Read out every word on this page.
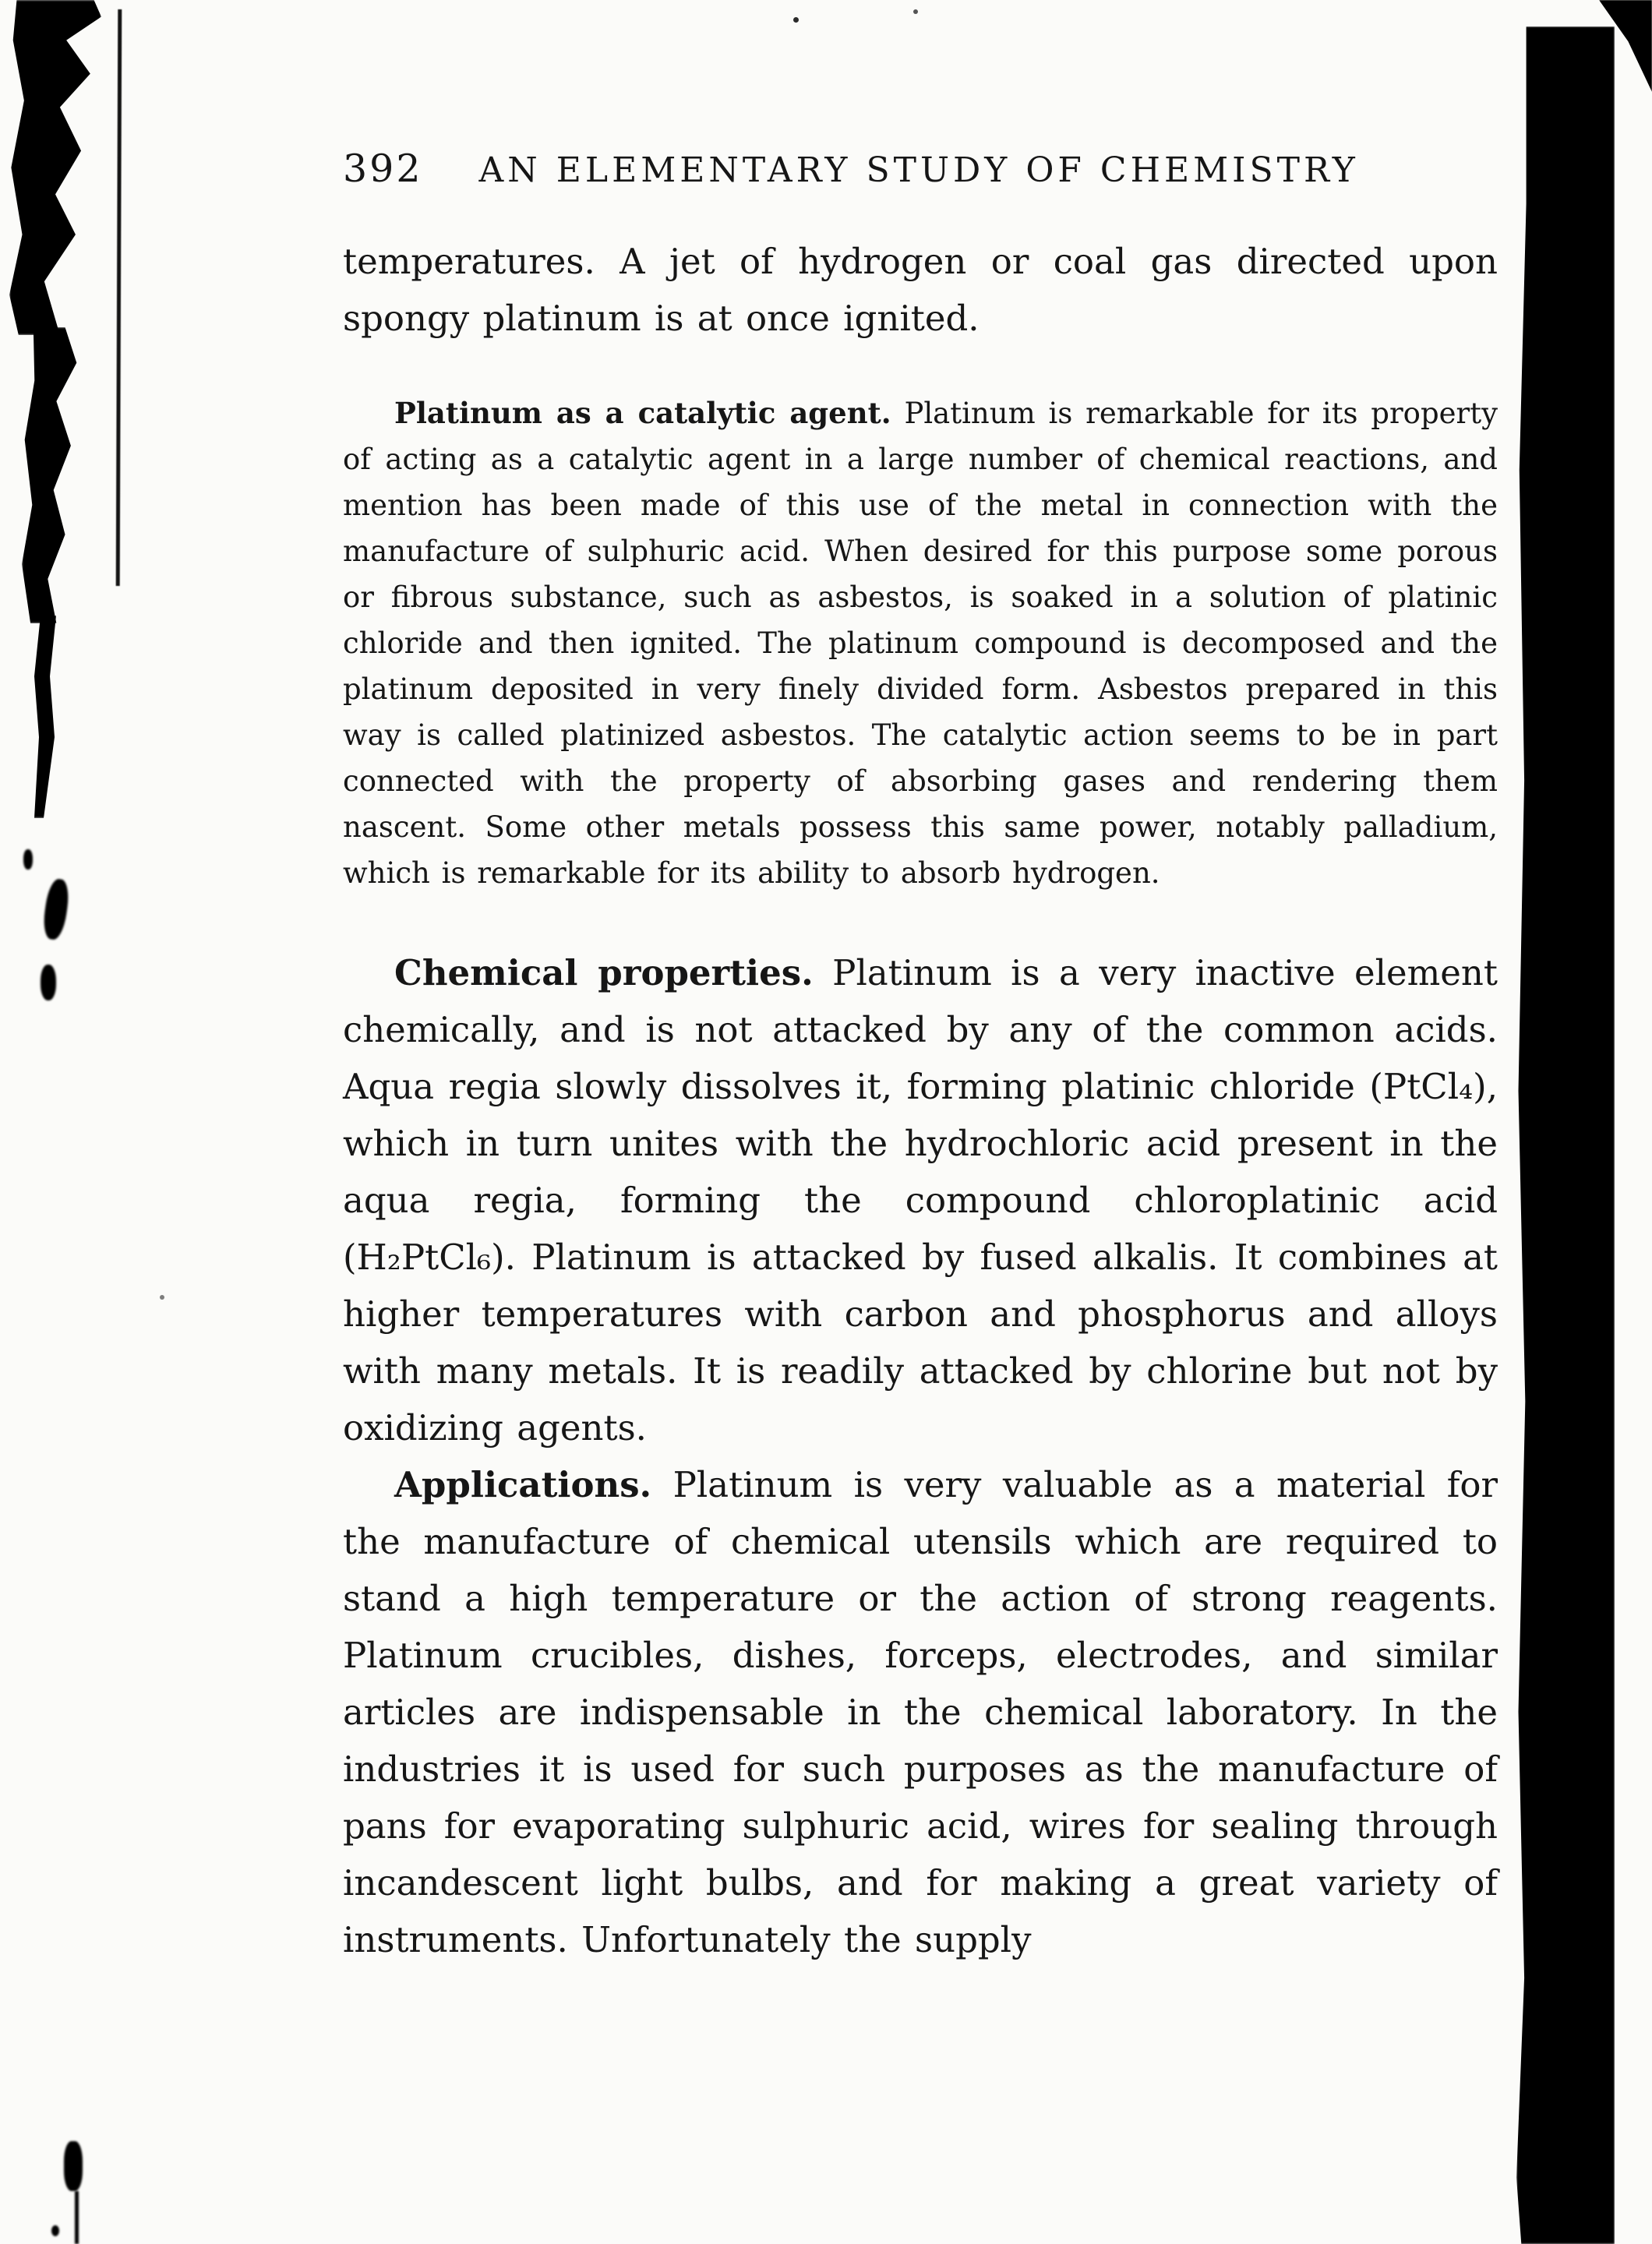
392 AN ELEMENTARY STUDY OF CHEMISTRY

temperatures. A jet of hydrogen or coal gas directed upon spongy platinum is at once ignited.

Platinum as a catalytic agent. Platinum is remarkable for its property of acting as a catalytic agent in a large number of chemical reactions, and mention has been made of this use of the metal in connection with the manufacture of sulphuric acid. When desired for this purpose some porous or fibrous substance, such as asbestos, is soaked in a solution of platinic chloride and then ignited. The platinum compound is decomposed and the platinum deposited in very finely divided form. Asbestos prepared in this way is called platinized asbestos. The catalytic action seems to be in part connected with the property of absorbing gases and rendering them nascent. Some other metals possess this same power, notably palladium, which is remarkable for its ability to absorb hydrogen.

Chemical properties. Platinum is a very inactive element chemically, and is not attacked by any of the common acids. Aqua regia slowly dissolves it, forming platinic chloride (PtCl₄), which in turn unites with the hydrochloric acid present in the aqua regia, forming the compound chloroplatinic acid (H₂PtCl₆). Platinum is attacked by fused alkalis. It combines at higher temperatures with carbon and phosphorus and alloys with many metals. It is readily attacked by chlorine but not by oxidizing agents.

Applications. Platinum is very valuable as a material for the manufacture of chemical utensils which are required to stand a high temperature or the action of strong reagents. Platinum crucibles, dishes, forceps, electrodes, and similar articles are indispensable in the chemical laboratory. In the industries it is used for such purposes as the manufacture of pans for evaporating sulphuric acid, wires for sealing through incandescent light bulbs, and for making a great variety of instruments. Unfortunately the supply
